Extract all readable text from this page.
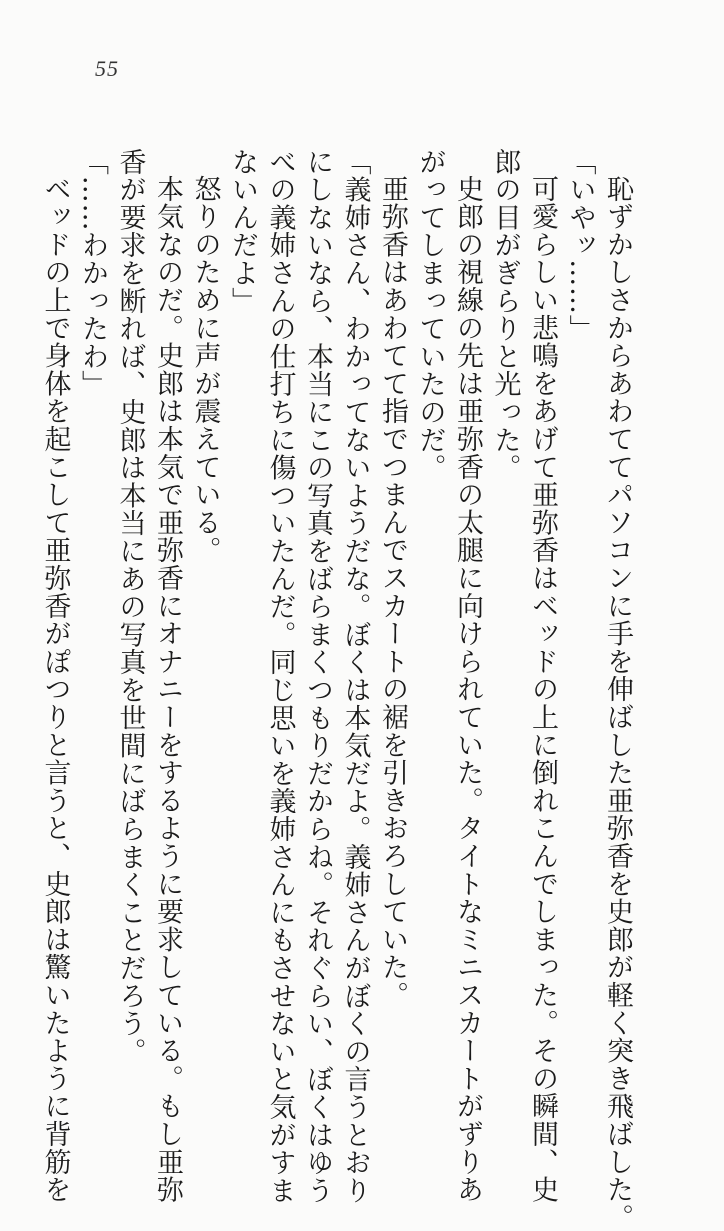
55
恥ずかしさからあわててパソコンに手を伸ばした亜弥香を史郎が軽く突き飛ばした。
「いやッ……」
可愛らしい悲鳴をあげて亜弥香はベッドの上に倒れこんでしまった。その瞬間、史
郎の目がぎらりと光った。
史郎の視線の先は亜弥香の太腿に向けられていた。タイトなミニスカートがずりあ
がってしまっていたのだ。
亜弥香はあわてて指でつまんでスカートの裾を引きおろしていた。
「義姉さん、わかってないようだな。ぼくは本気だよ。義姉さんがぼくの言うとおり
にしないなら、本当にこの写真をばらまくつもりだからね。それぐらい、ぼくはゆう
べの義姉さんの仕打ちに傷ついたんだ。同じ思いを義姉さんにもさせないと気がすま
ないんだよ」
怒りのために声が震えている。
本気なのだ。史郎は本気で亜弥香にオナニーをするように要求している。もし亜弥
香が要求を断れば、史郎は本当にあの写真を世間にばらまくことだろう。
「……わかったわ」
ベッドの上で身体を起こして亜弥香がぽつりと言うと、史郎は驚いたように背筋を
